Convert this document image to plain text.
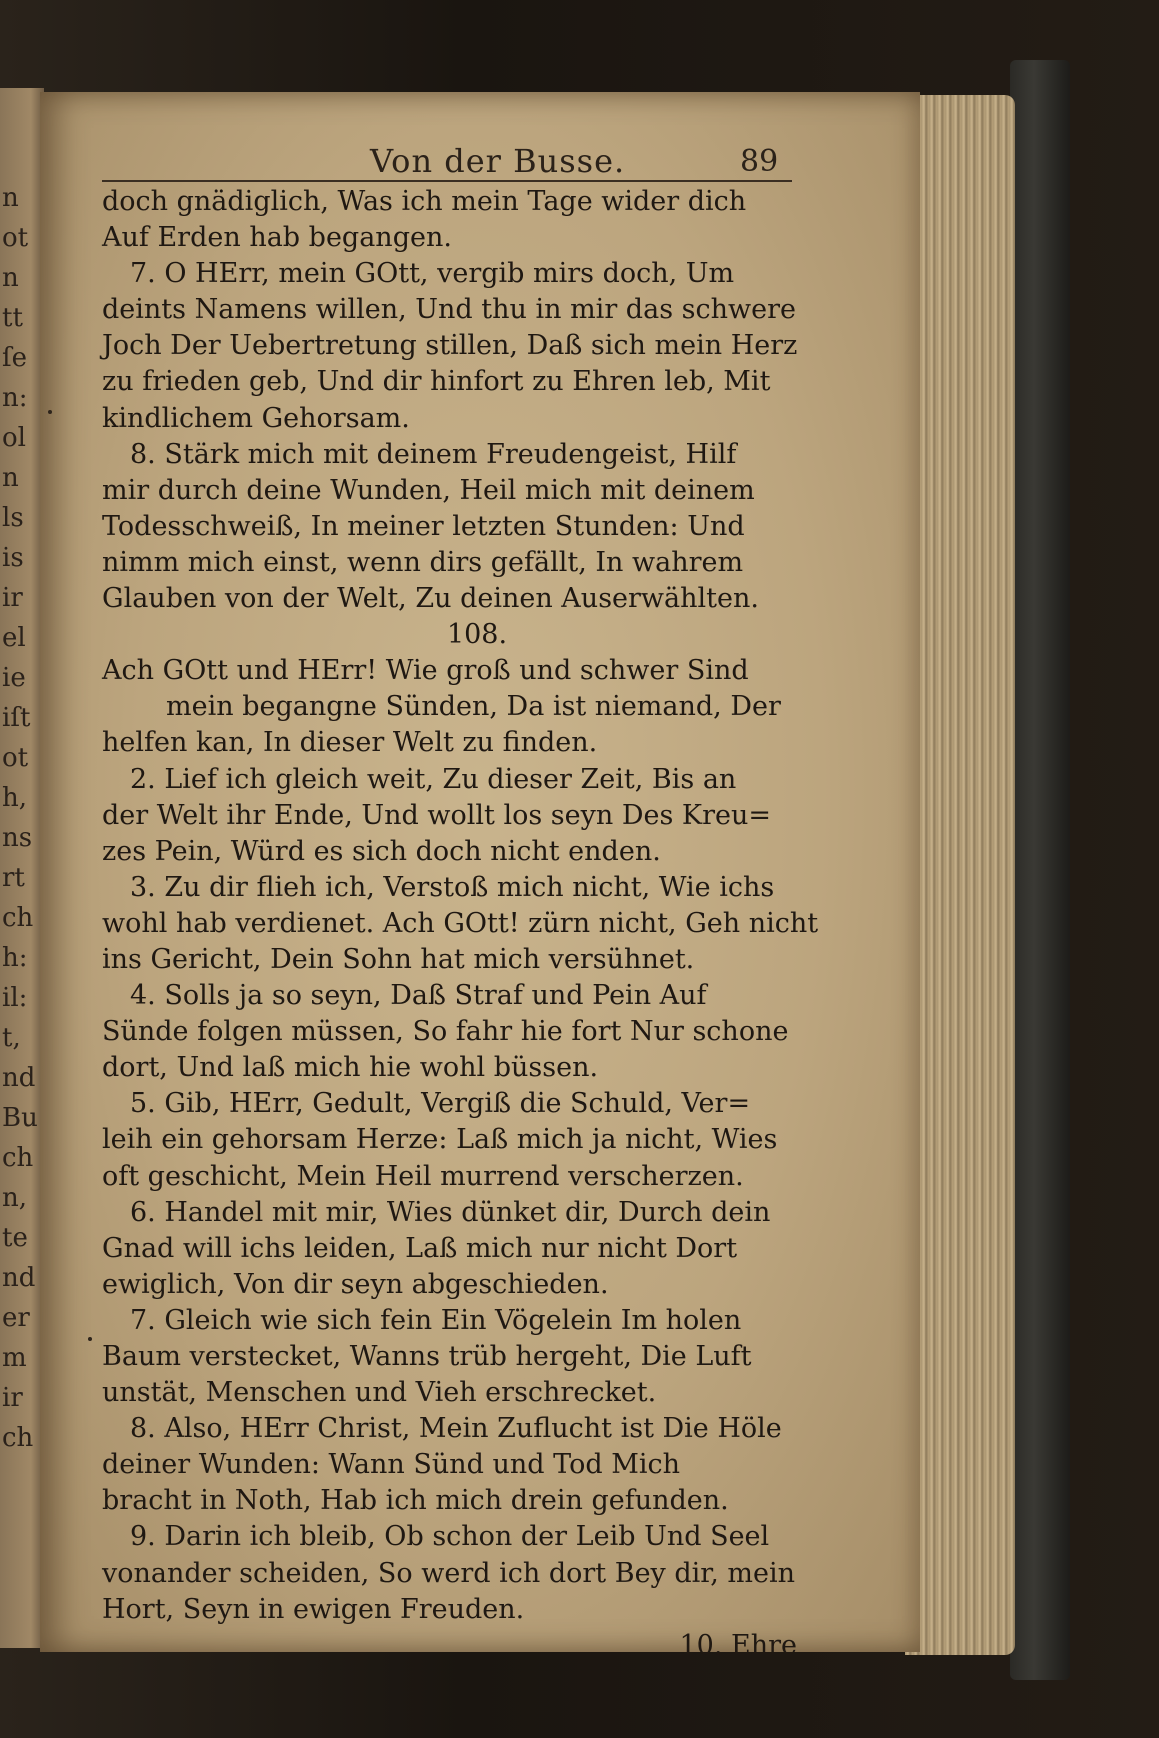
n
ot
n
tt
ſe
n:
ol
n
ls
is
ir
el
ie
iſt
ot
h,
ns
rt
ch
h:
il:
t,
nd
Bu
ch
n,
te
nd
er
m
ir
ch
Von der Busse.	89
doch gnädiglich, Was ich mein Tage wider dich
Auf Erden hab begangen.
7. O HErr, mein GOtt, vergib mirs doch, Um
deints Namens willen, Und thu in mir das schwere
Joch Der Uebertretung stillen, Daß sich mein Herz
zu frieden geb, Und dir hinfort zu Ehren leb, Mit
kindlichem Gehorsam.
8. Stärk mich mit deinem Freudengeist, Hilf
mir durch deine Wunden, Heil mich mit deinem
Todesschweiß, In meiner letzten Stunden: Und
nimm mich einst, wenn dirs gefällt, In wahrem
Glauben von der Welt, Zu deinen Auserwählten.
108.
Ach GOtt und HErr! Wie groß und schwer Sind
mein begangne Sünden, Da ist niemand, Der
helfen kan, In dieser Welt zu finden.
2. Lief ich gleich weit, Zu dieser Zeit, Bis an
der Welt ihr Ende, Und wollt los seyn Des Kreu=
zes Pein, Würd es sich doch nicht enden.
3. Zu dir flieh ich, Verstoß mich nicht, Wie ichs
wohl hab verdienet. Ach GOtt! zürn nicht, Geh nicht
ins Gericht, Dein Sohn hat mich versühnet.
4. Solls ja so seyn, Daß Straf und Pein Auf
Sünde folgen müssen, So fahr hie fort Nur schone
dort, Und laß mich hie wohl büssen.
5. Gib, HErr, Gedult, Vergiß die Schuld, Ver=
leih ein gehorsam Herze: Laß mich ja nicht, Wies
oft geschicht, Mein Heil murrend verscherzen.
6. Handel mit mir, Wies dünket dir, Durch dein
Gnad will ichs leiden, Laß mich nur nicht Dort
ewiglich, Von dir seyn abgeschieden.
7. Gleich wie sich fein Ein Vögelein Im holen
Baum verstecket, Wanns trüb hergeht, Die Luft
unstät, Menschen und Vieh erschrecket.
8. Also, HErr Christ, Mein Zuflucht ist Die Höle
deiner Wunden: Wann Sünd und Tod Mich
bracht in Noth, Hab ich mich drein gefunden.
9. Darin ich bleib, Ob schon der Leib Und Seel
vonander scheiden, So werd ich dort Bey dir, mein
Hort, Seyn in ewigen Freuden.
10. Ehre
